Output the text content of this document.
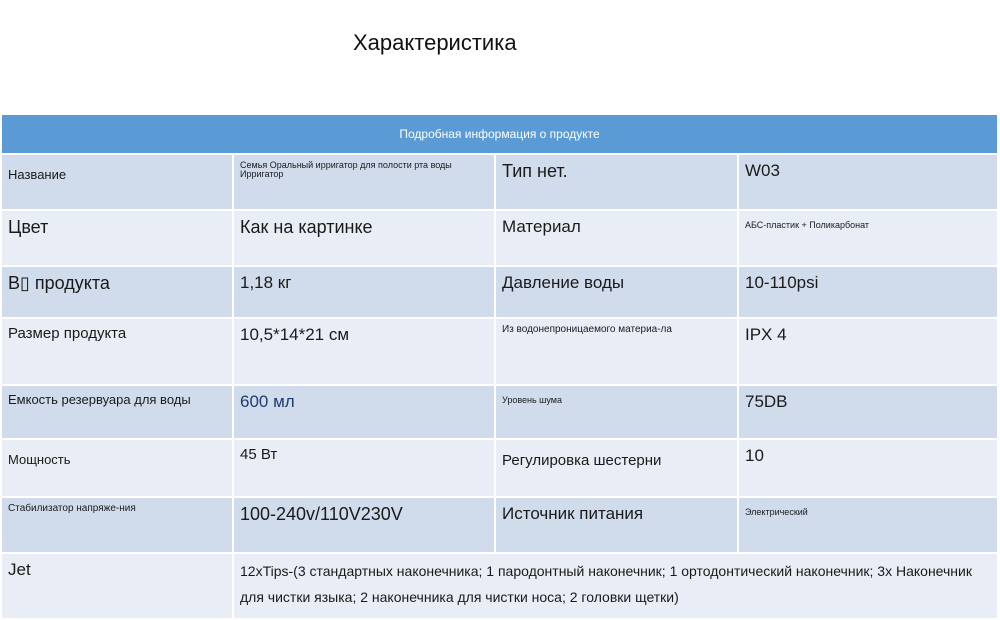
Характеристика
Подробная информация о продукте			
Название	Семья Оральный ирригатор для полости рта воды Ирригатор	Тип нет.	W03
Цвет	Как на картинке	Материал	АБС-пластик + Поликарбонат
В▯ продукта	1,18 кг	Давление воды	10-110psi
Размер продукта	10,5*14*21 см	Из водонепроницаемого материа-ла	IPX 4
Емкость резервуара для воды	600 мл	Уровень шума	75DB
Мощность	45 Вт	Регулировка шестерни	10
Стабилизатор напряже-ния	100-240v/110V230V	Источник питания	Электрический
Jet	12xTips-(3 стандартных наконечника; 1 пародонтный наконечник; 1 ортодонтический наконечник; 3х Наконечник для чистки языка; 2 наконечника для чистки носа; 2 головки щетки)		
